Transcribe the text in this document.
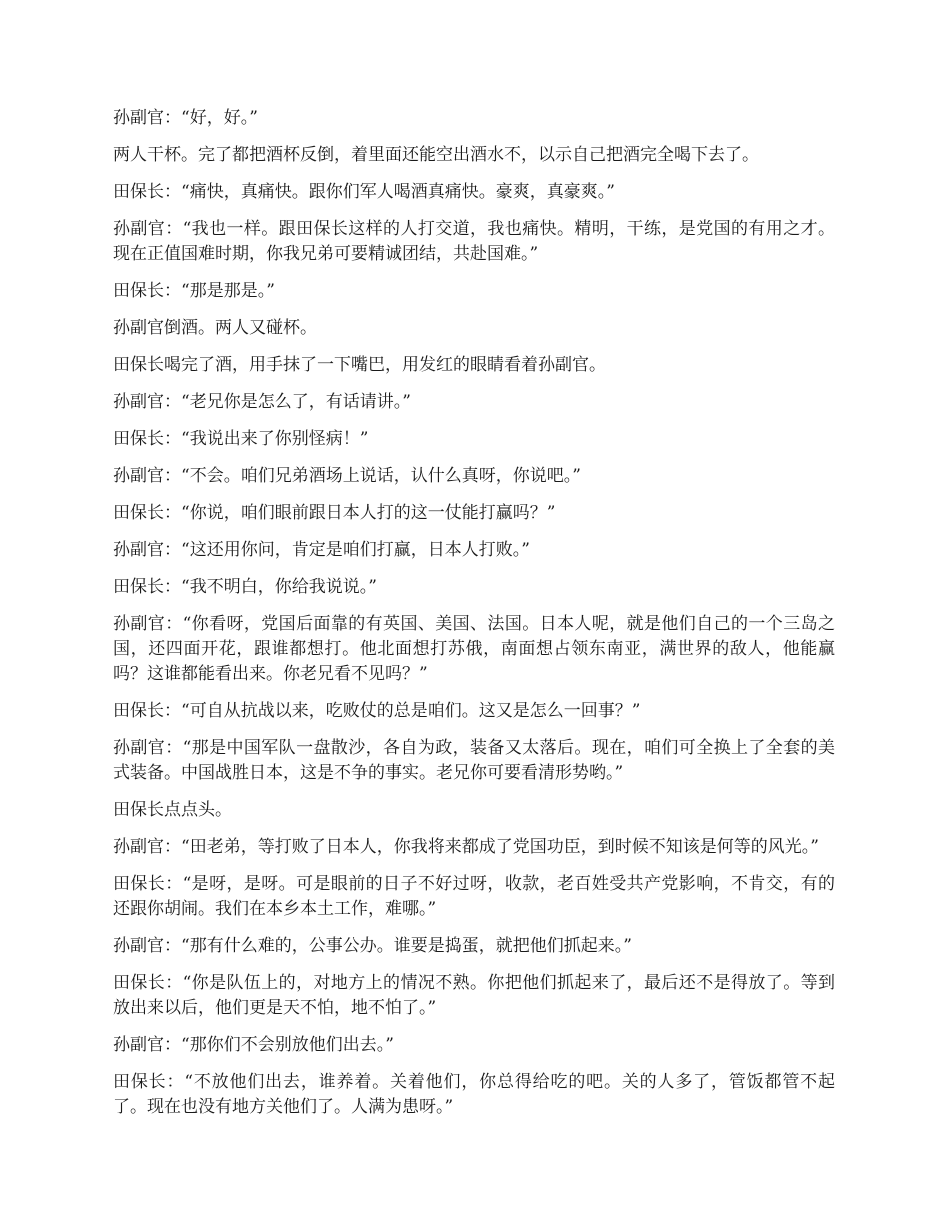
孙副官：“好，好。”

两人干杯。完了都把酒杯反倒，着里面还能空出酒水不，以示自己把酒完全喝下去了。

田保长：“痛快，真痛快。跟你们军人喝酒真痛快。豪爽，真豪爽。”

孙副官：“我也一样。跟田保长这样的人打交道，我也痛快。精明，干练，是党国的有用之才。现在正值国难时期，你我兄弟可要精诚团结，共赴国难。”

田保长：“那是那是。”

孙副官倒酒。两人又碰杯。

田保长喝完了酒，用手抹了一下嘴巴，用发红的眼睛看着孙副官。

孙副官：“老兄你是怎么了，有话请讲。”

田保长：“我说出来了你别怪病！”

孙副官：“不会。咱们兄弟酒场上说话，认什么真呀，你说吧。”

田保长：“你说，咱们眼前跟日本人打的这一仗能打赢吗？”

孙副官：“这还用你问，肯定是咱们打赢，日本人打败。”

田保长：“我不明白，你给我说说。”

孙副官：“你看呀，党国后面靠的有英国、美国、法国。日本人呢，就是他们自己的一个三岛之国，还四面开花，跟谁都想打。他北面想打苏俄，南面想占领东南亚，满世界的敌人，他能赢吗？这谁都能看出来。你老兄看不见吗？”

田保长：“可自从抗战以来，吃败仗的总是咱们。这又是怎么一回事？”

孙副官：“那是中国军队一盘散沙，各自为政，装备又太落后。现在，咱们可全换上了全套的美式装备。中国战胜日本，这是不争的事实。老兄你可要看清形势哟。”

田保长点点头。

孙副官：“田老弟，等打败了日本人，你我将来都成了党国功臣，到时候不知该是何等的风光。”

田保长：“是呀，是呀。可是眼前的日子不好过呀，收款，老百姓受共产党影响，不肯交，有的还跟你胡闹。我们在本乡本土工作，难哪。”

孙副官：“那有什么难的，公事公办。谁要是捣蛋，就把他们抓起来。”

田保长：“你是队伍上的，对地方上的情况不熟。你把他们抓起来了，最后还不是得放了。等到放出来以后，他们更是天不怕，地不怕了。”

孙副官：“那你们不会别放他们出去。”

田保长：“不放他们出去，谁养着。关着他们，你总得给吃的吧。关的人多了，管饭都管不起了。现在也没有地方关他们了。人满为患呀。”
